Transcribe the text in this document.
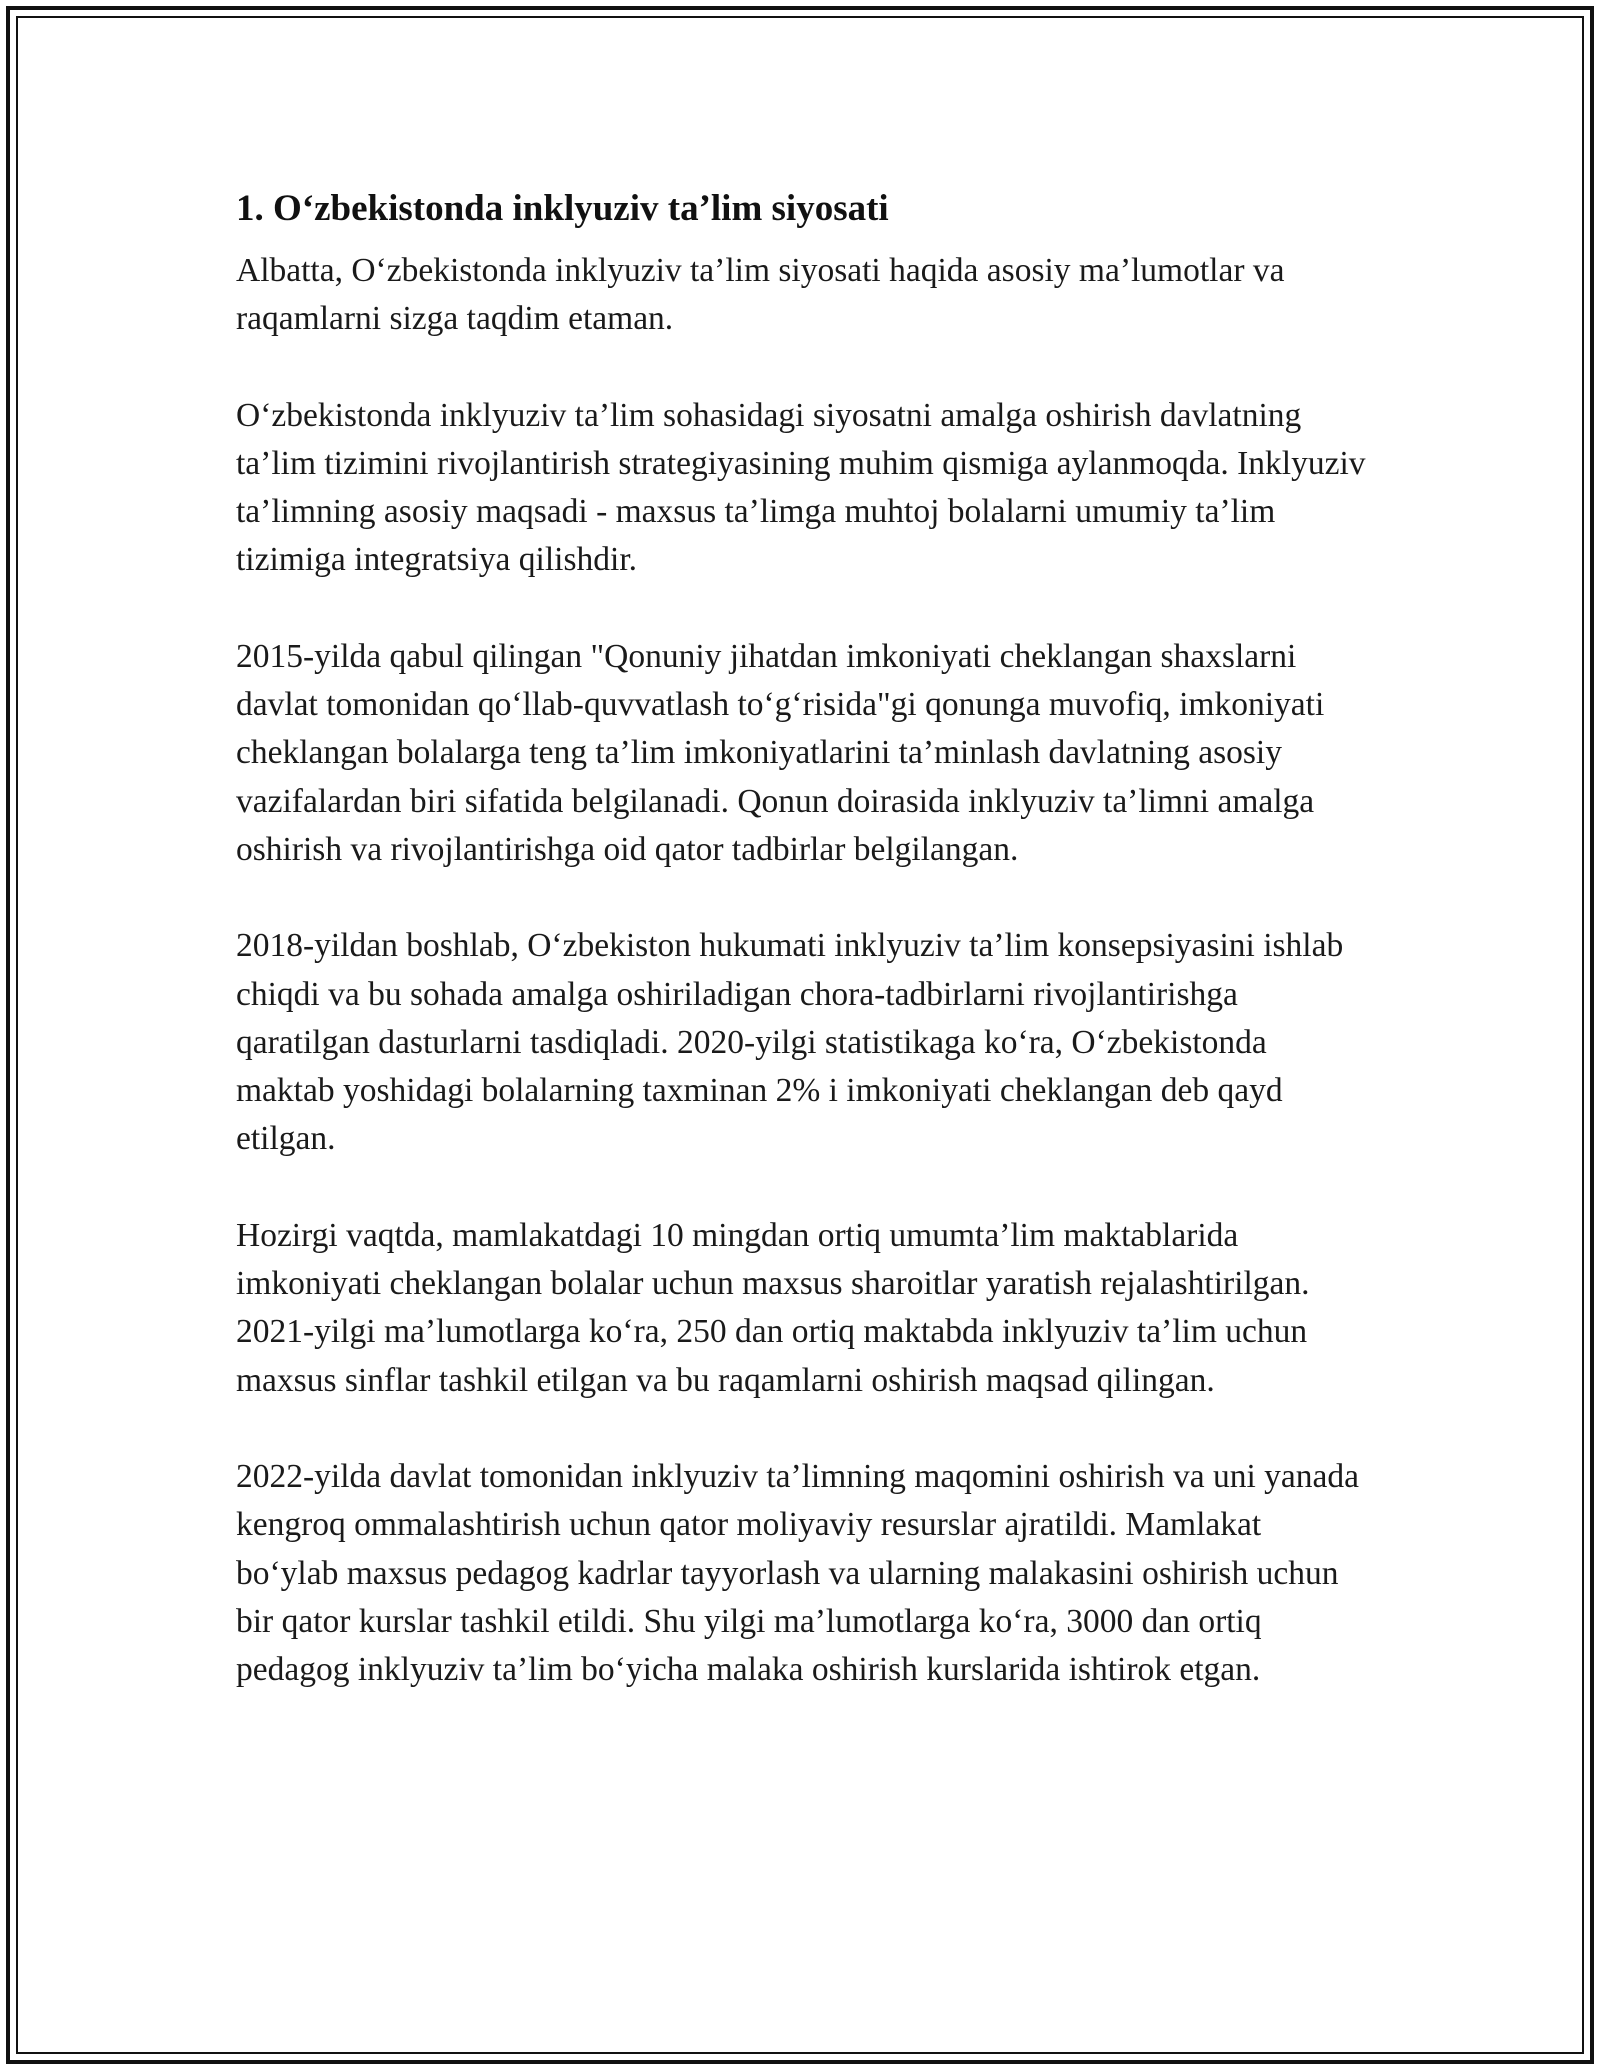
1. O‘zbekistonda inklyuziv ta’lim siyosati

Albatta, O‘zbekistonda inklyuziv ta’lim siyosati haqida asosiy ma’lumotlar va raqamlarni sizga taqdim etaman.

O‘zbekistonda inklyuziv ta’lim sohasidagi siyosatni amalga oshirish davlatning ta’lim tizimini rivojlantirish strategiyasining muhim qismiga aylanmoqda. Inklyuziv ta’limning asosiy maqsadi - maxsus ta’limga muhtoj bolalarni umumiy ta’lim tizimiga integratsiya qilishdir.

2015-yilda qabul qilingan "Qonuniy jihatdan imkoniyati cheklangan shaxslarni davlat tomonidan qo‘llab-quvvatlash to‘g‘risida"gi qonunga muvofiq, imkoniyati cheklangan bolalarga teng ta’lim imkoniyatlarini ta’minlash davlatning asosiy vazifalardan biri sifatida belgilanadi. Qonun doirasida inklyuziv ta’limni amalga oshirish va rivojlantirishga oid qator tadbirlar belgilangan.

2018-yildan boshlab, O‘zbekiston hukumati inklyuziv ta’lim konsepsiyasini ishlab chiqdi va bu sohada amalga oshiriladigan chora-tadbirlarni rivojlantirishga qaratilgan dasturlarni tasdiqladi. 2020-yilgi statistikaga ko‘ra, O‘zbekistonda maktab yoshidagi bolalarning taxminan 2% i imkoniyati cheklangan deb qayd etilgan.

Hozirgi vaqtda, mamlakatdagi 10 mingdan ortiq umumta’lim maktablarida imkoniyati cheklangan bolalar uchun maxsus sharoitlar yaratish rejalashtirilgan. 2021-yilgi ma’lumotlarga ko‘ra, 250 dan ortiq maktabda inklyuziv ta’lim uchun maxsus sinflar tashkil etilgan va bu raqamlarni oshirish maqsad qilingan.

2022-yilda davlat tomonidan inklyuziv ta’limning maqomini oshirish va uni yanada kengroq ommalashtirish uchun qator moliyaviy resurslar ajratildi. Mamlakat bo‘ylab maxsus pedagog kadrlar tayyorlash va ularning malakasini oshirish uchun bir qator kurslar tashkil etildi. Shu yilgi ma’lumotlarga ko‘ra, 3000 dan ortiq pedagog inklyuziv ta’lim bo‘yicha malaka oshirish kurslarida ishtirok etgan.
